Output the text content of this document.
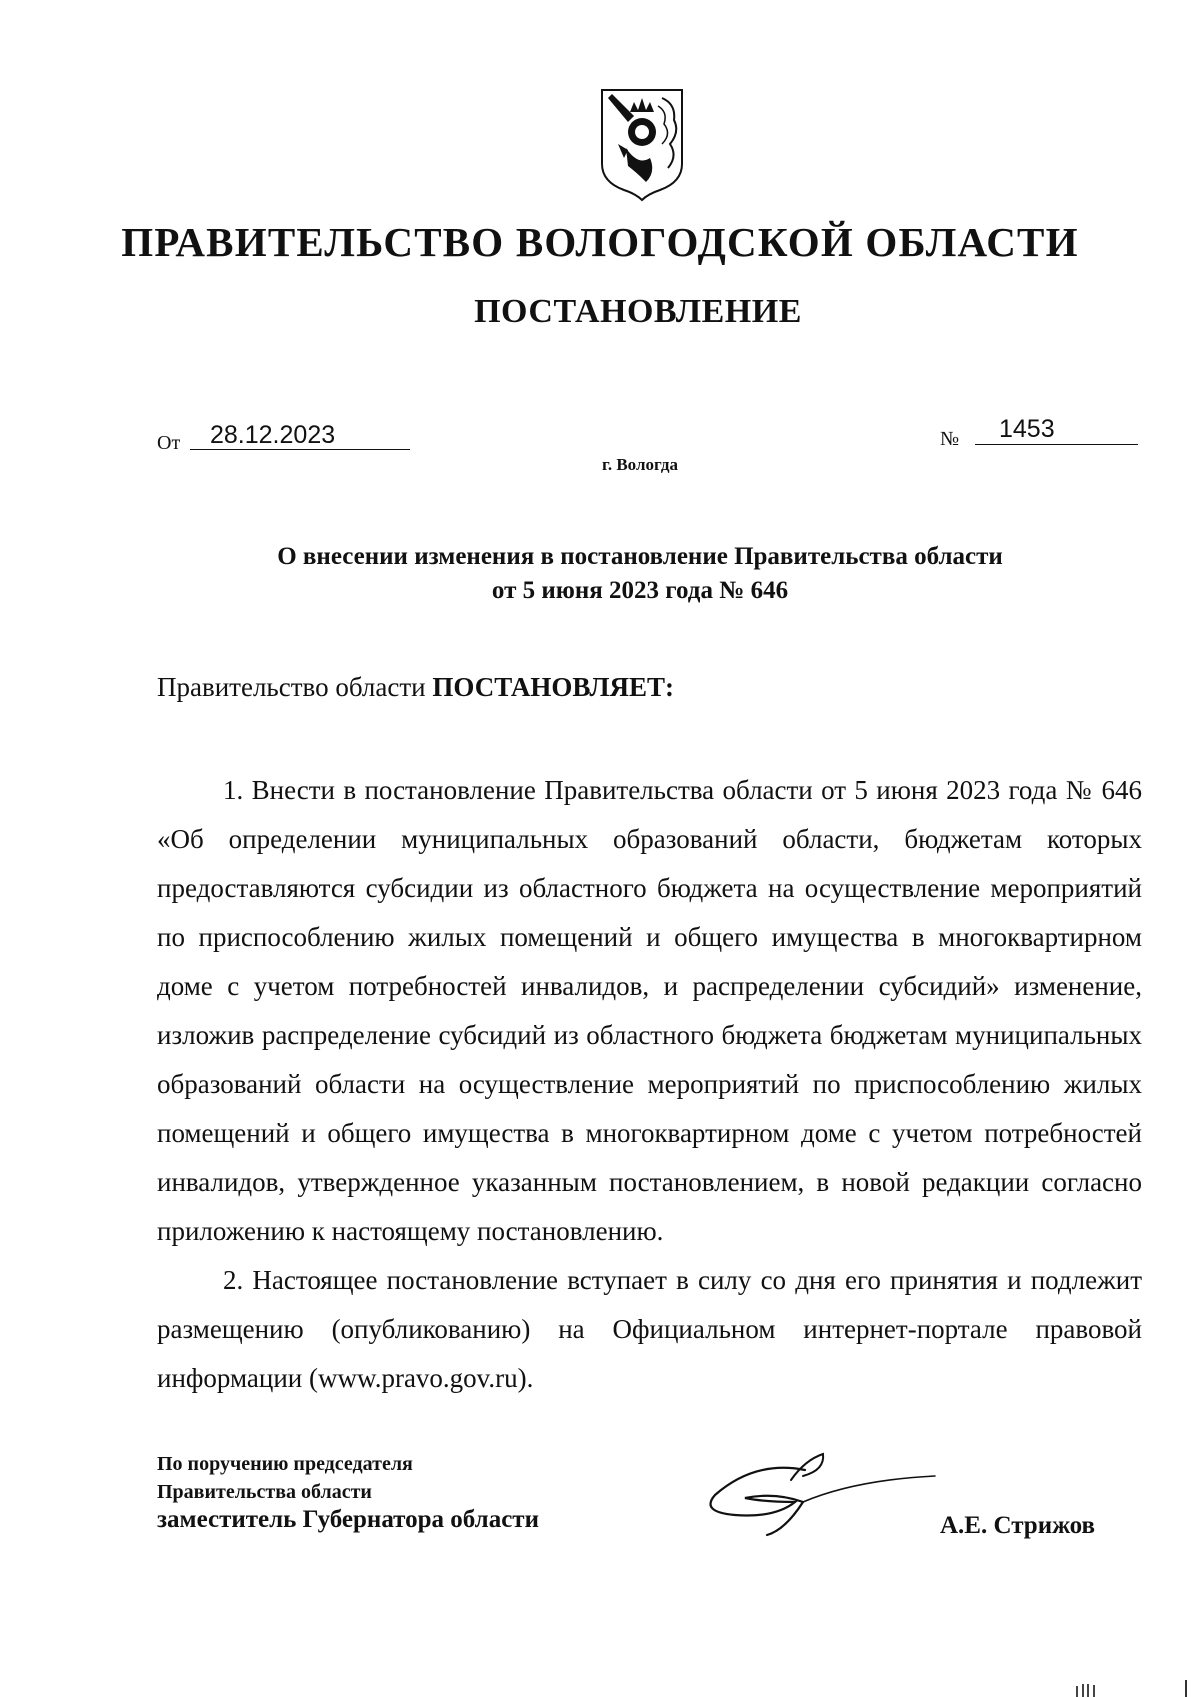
ПРАВИТЕЛЬСТВО ВОЛОГОДСКОЙ ОБЛАСТИ
ПОСТАНОВЛЕНИЕ
От	28.12.2023	№	1453
г. Вологда
О внесении изменения в постановление Правительства области
от 5 июня 2023 года № 646
Правительство области ПОСТАНОВЛЯЕТ:

1. Внести в постановление Правительства области от 5 июня 2023 года № 646 «Об определении муниципальных образований области, бюджетам которых предоставляются субсидии из областного бюджета на осуществление мероприятий по приспособлению жилых помещений и общего имущества в многоквартирном доме с учетом потребностей инвалидов, и распределении субсидий» изменение, изложив распределение субсидий из областного бюджета бюджетам муниципальных образований области на осуществление мероприятий по приспособлению жилых помещений и общего имущества в многоквартирном доме с учетом потребностей инвалидов, утвержденное указанным постановлением, в новой редакции согласно приложению к настоящему постановлению.

2. Настоящее постановление вступает в силу со дня его принятия и подлежит размещению (опубликованию) на Официальном интернет-портале правовой информации (www.pravo.gov.ru).

По поручению председателя
Правительства области
заместитель Губернатора области	А.Е. Стрижов
